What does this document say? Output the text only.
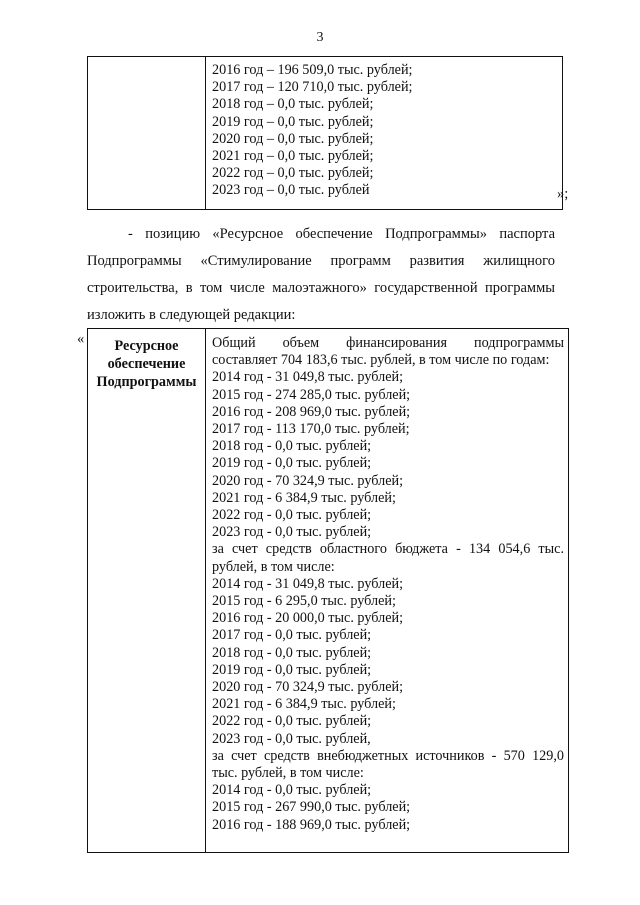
3

2016 год – 196 509,0 тыс. рублей;
2017 год – 120 710,0 тыс. рублей;
2018 год – 0,0 тыс. рублей;
2019 год – 0,0 тыс. рублей;
2020 год – 0,0 тыс. рублей;
2021 год – 0,0 тыс. рублей;
2022 год – 0,0 тыс. рублей;
2023 год – 0,0 тыс. рублей	»;
- позицию «Ресурсное обеспечение Подпрограммы» паспорта
Подпрограммы «Стимулирование программ развития жилищного
строительства, в том числе малоэтажного» государственной программы
изложить в следующей редакции:
«	Ресурсное
обеспечение
Подпрограммы

Общий объем финансирования подпрограммы
составляет 704 183,6 тыс. рублей, в том числе по годам:
2014 год - 31 049,8 тыс. рублей;
2015 год - 274 285,0 тыс. рублей;
2016 год - 208 969,0 тыс. рублей;
2017 год - 113 170,0 тыс. рублей;
2018 год - 0,0 тыс. рублей;
2019 год - 0,0 тыс. рублей;
2020 год - 70 324,9 тыс. рублей;
2021 год - 6 384,9 тыс. рублей;
2022 год - 0,0 тыс. рублей;
2023 год - 0,0 тыс. рублей;
за счет средств областного бюджета - 134 054,6 тыс.
рублей, в том числе:
2014 год - 31 049,8 тыс. рублей;
2015 год - 6 295,0 тыс. рублей;
2016 год - 20 000,0 тыс. рублей;
2017 год - 0,0 тыс. рублей;
2018 год - 0,0 тыс. рублей;
2019 год - 0,0 тыс. рублей;
2020 год - 70 324,9 тыс. рублей;
2021 год - 6 384,9 тыс. рублей;
2022 год - 0,0 тыс. рублей;
2023 год - 0,0 тыс. рублей,
за счет средств внебюджетных источников - 570 129,0
тыс. рублей, в том числе:
2014 год - 0,0 тыс. рублей;
2015 год - 267 990,0 тыс. рублей;
2016 год - 188 969,0 тыс. рублей;
